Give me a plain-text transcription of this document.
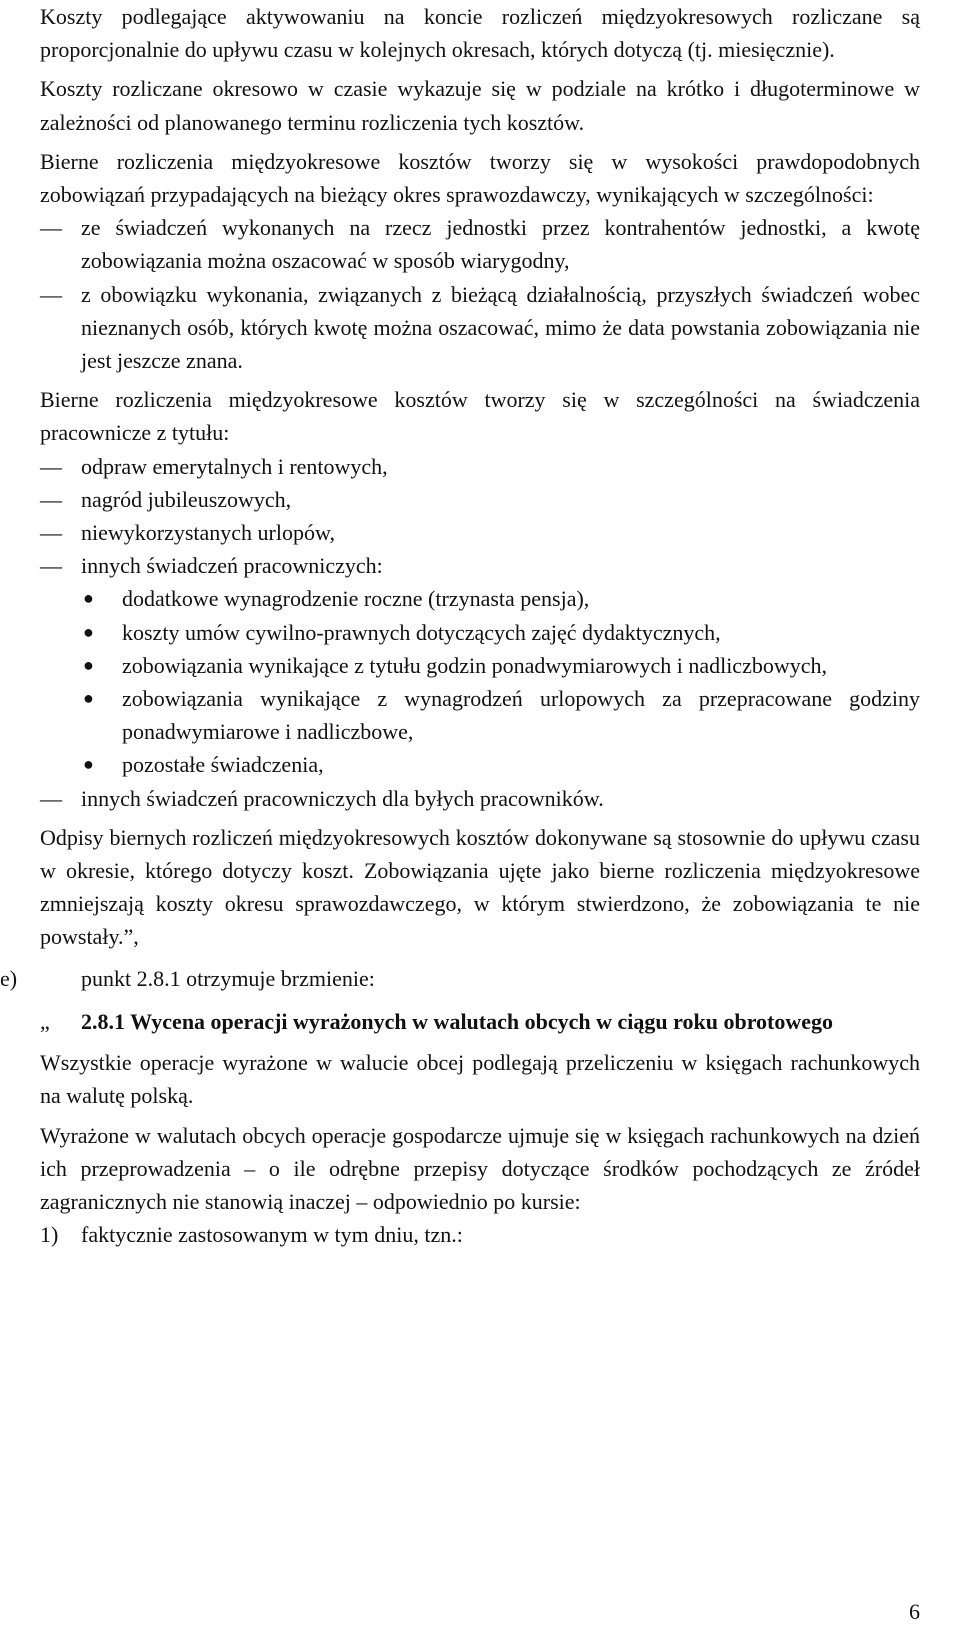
Koszty podlegające aktywowaniu na koncie rozliczeń międzyokresowych rozliczane są proporcjonalnie do upływu czasu w kolejnych okresach, których dotyczą (tj. miesięcznie).

Koszty rozliczane okresowo w czasie wykazuje się w podziale na krótko i długoterminowe w zależności od planowanego terminu rozliczenia tych kosztów.

Bierne rozliczenia międzyokresowe kosztów tworzy się w wysokości prawdopodobnych zobowiązań przypadających na bieżący okres sprawozdawczy, wynikających w szczególności:

— ze świadczeń wykonanych na rzecz jednostki przez kontrahentów jednostki, a kwotę zobowiązania można oszacować w sposób wiarygodny,
— z obowiązku wykonania, związanych z bieżącą działalnością, przyszłych świadczeń wobec nieznanych osób, których kwotę można oszacować, mimo że data powstania zobowiązania nie jest jeszcze znana.

Bierne rozliczenia międzyokresowe kosztów tworzy się w szczególności na świadczenia pracownicze z tytułu:

— odpraw emerytalnych i rentowych,
— nagród jubileuszowych,
— niewykorzystanych urlopów,
— innych świadczeń pracowniczych:
● dodatkowe wynagrodzenie roczne (trzynasta pensja),
● koszty umów cywilno-prawnych dotyczących zajęć dydaktycznych,
● zobowiązania wynikające z tytułu godzin ponadwymiarowych i nadliczbowych,
● zobowiązania wynikające z wynagrodzeń urlopowych za przepracowane godziny ponadwymiarowe i nadliczbowe,
● pozostałe świadczenia,
— innych świadczeń pracowniczych dla byłych pracowników.

Odpisy biernych rozliczeń międzyokresowych kosztów dokonywane są stosownie do upływu czasu w okresie, którego dotyczy koszt. Zobowiązania ujęte jako bierne rozliczenia międzyokresowe zmniejszają koszty okresu sprawozdawczego, w którym stwierdzono, że zobowiązania te nie powstały.”,

e)	punkt 2.8.1 otrzymuje brzmienie:
„ 2.8.1 Wycena operacji wyrażonych w walutach obcych w ciągu roku obrotowego

Wszystkie operacje wyrażone w walucie obcej podlegają przeliczeniu w księgach rachunkowych na walutę polską.

Wyrażone w walutach obcych operacje gospodarcze ujmuje się w księgach rachunkowych na dzień ich przeprowadzenia – o ile odrębne przepisy dotyczące środków pochodzących ze źródeł zagranicznych nie stanowią inaczej – odpowiednio po kursie:

1) faktycznie zastosowanym w tym dniu, tzn.:
6
